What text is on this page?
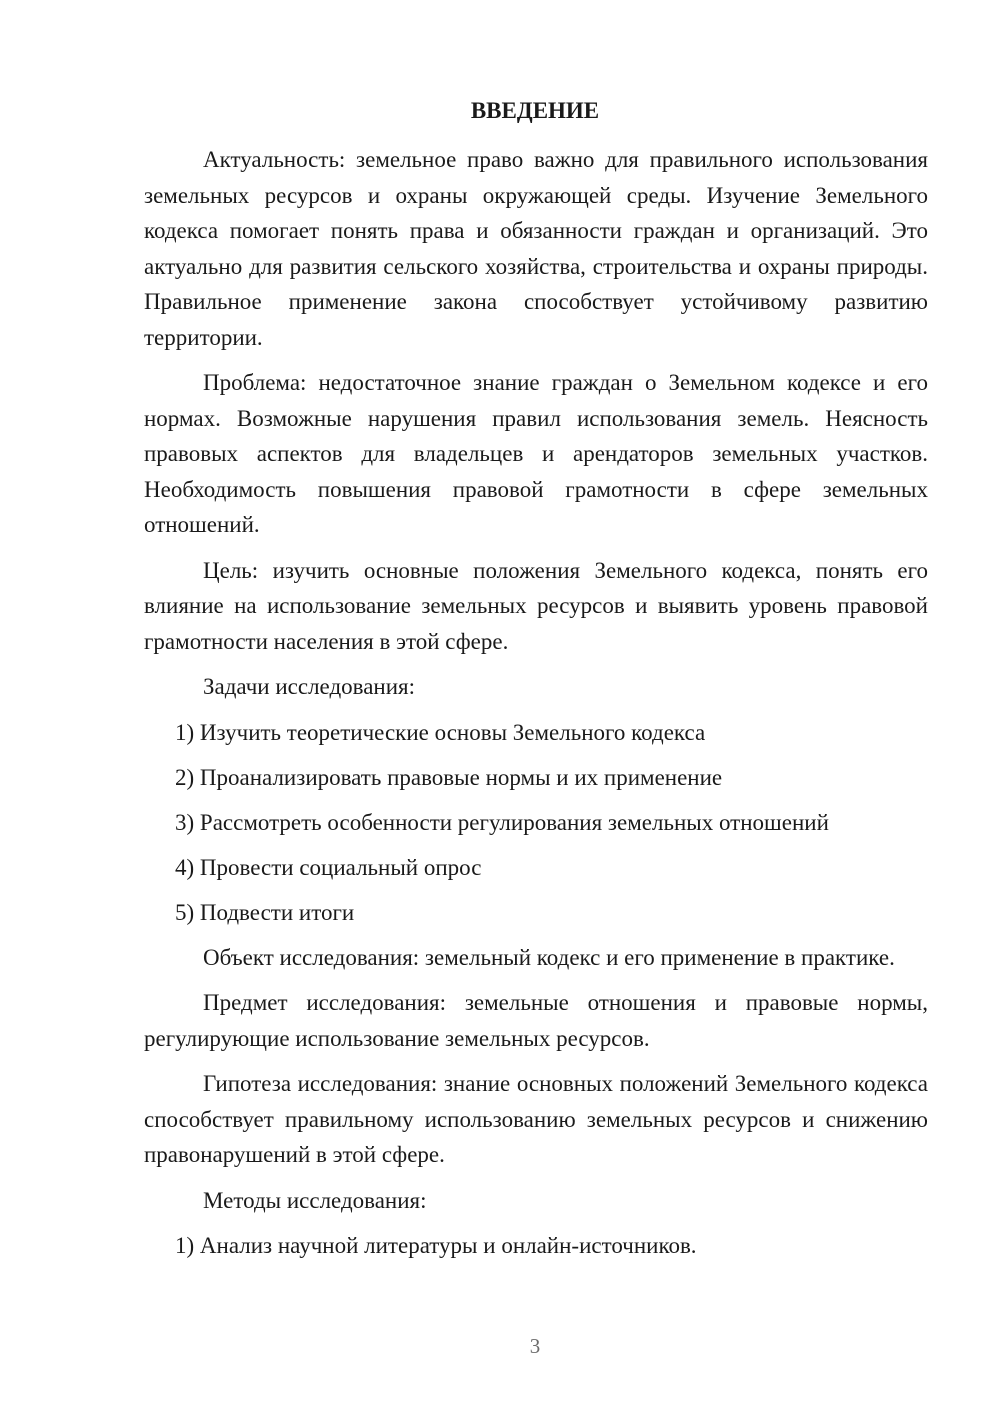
ВВЕДЕНИЕ

Актуальность: земельное право важно для правильного использования земельных ресурсов и охраны окружающей среды. Изучение Земельного кодекса помогает понять права и обязанности граждан и организаций. Это актуально для развития сельского хозяйства, строительства и охраны природы. Правильное применение закона способствует устойчивому развитию территории.

Проблема: недостаточное знание граждан о Земельном кодексе и его нормах. Возможные нарушения правил использования земель. Неясность правовых аспектов для владельцев и арендаторов земельных участков. Необходимость повышения правовой грамотности в сфере земельных отношений.

Цель: изучить основные положения Земельного кодекса, понять его влияние на использование земельных ресурсов и выявить уровень правовой грамотности населения в этой сфере.

Задачи исследования:

1) Изучить теоретические основы Земельного кодекса

2) Проанализировать правовые нормы и их применение

3) Рассмотреть особенности регулирования земельных отношений

4) Провести социальный опрос

5) Подвести итоги

Объект исследования: земельный кодекс и его применение в практике.

Предмет исследования: земельные отношения и правовые нормы, регулирующие использование земельных ресурсов.

Гипотеза исследования: знание основных положений Земельного кодекса способствует правильному использованию земельных ресурсов и снижению правонарушений в этой сфере.

Методы исследования:

1) Анализ научной литературы и онлайн-источников.

3
